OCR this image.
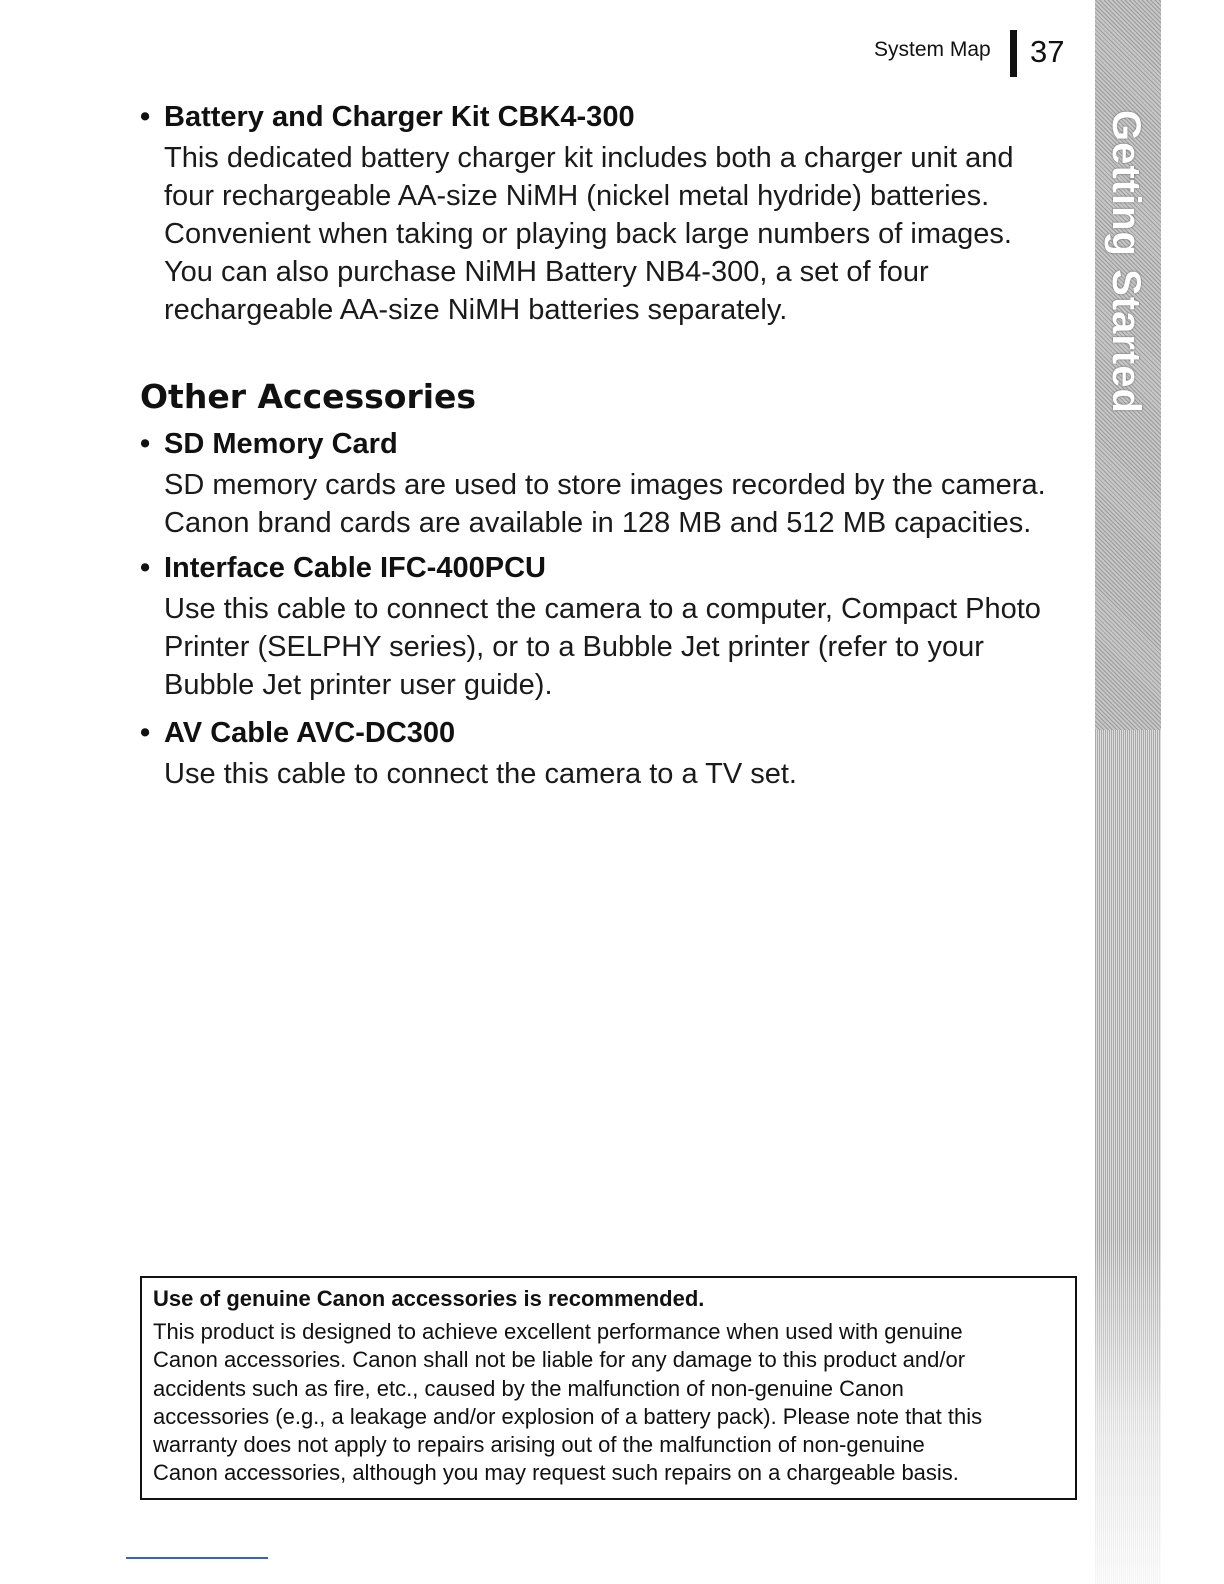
System Map 37
Getting Started
• Battery and Charger Kit CBK4-300
This dedicated battery charger kit includes both a charger unit and
four rechargeable AA-size NiMH (nickel metal hydride) batteries.
Convenient when taking or playing back large numbers of images.
You can also purchase NiMH Battery NB4-300, a set of four
rechargeable AA-size NiMH batteries separately.
Other Accessories
• SD Memory Card
SD memory cards are used to store images recorded by the camera.
Canon brand cards are available in 128 MB and 512 MB capacities.
• Interface Cable IFC-400PCU
Use this cable to connect the camera to a computer, Compact Photo
Printer (SELPHY series), or to a Bubble Jet printer (refer to your
Bubble Jet printer user guide).
• AV Cable AVC-DC300
Use this cable to connect the camera to a TV set.
Use of genuine Canon accessories is recommended.
This product is designed to achieve excellent performance when used with genuine
Canon accessories. Canon shall not be liable for any damage to this product and/or
accidents such as fire, etc., caused by the malfunction of non-genuine Canon
accessories (e.g., a leakage and/or explosion of a battery pack). Please note that this
warranty does not apply to repairs arising out of the malfunction of non-genuine
Canon accessories, although you may request such repairs on a chargeable basis.
